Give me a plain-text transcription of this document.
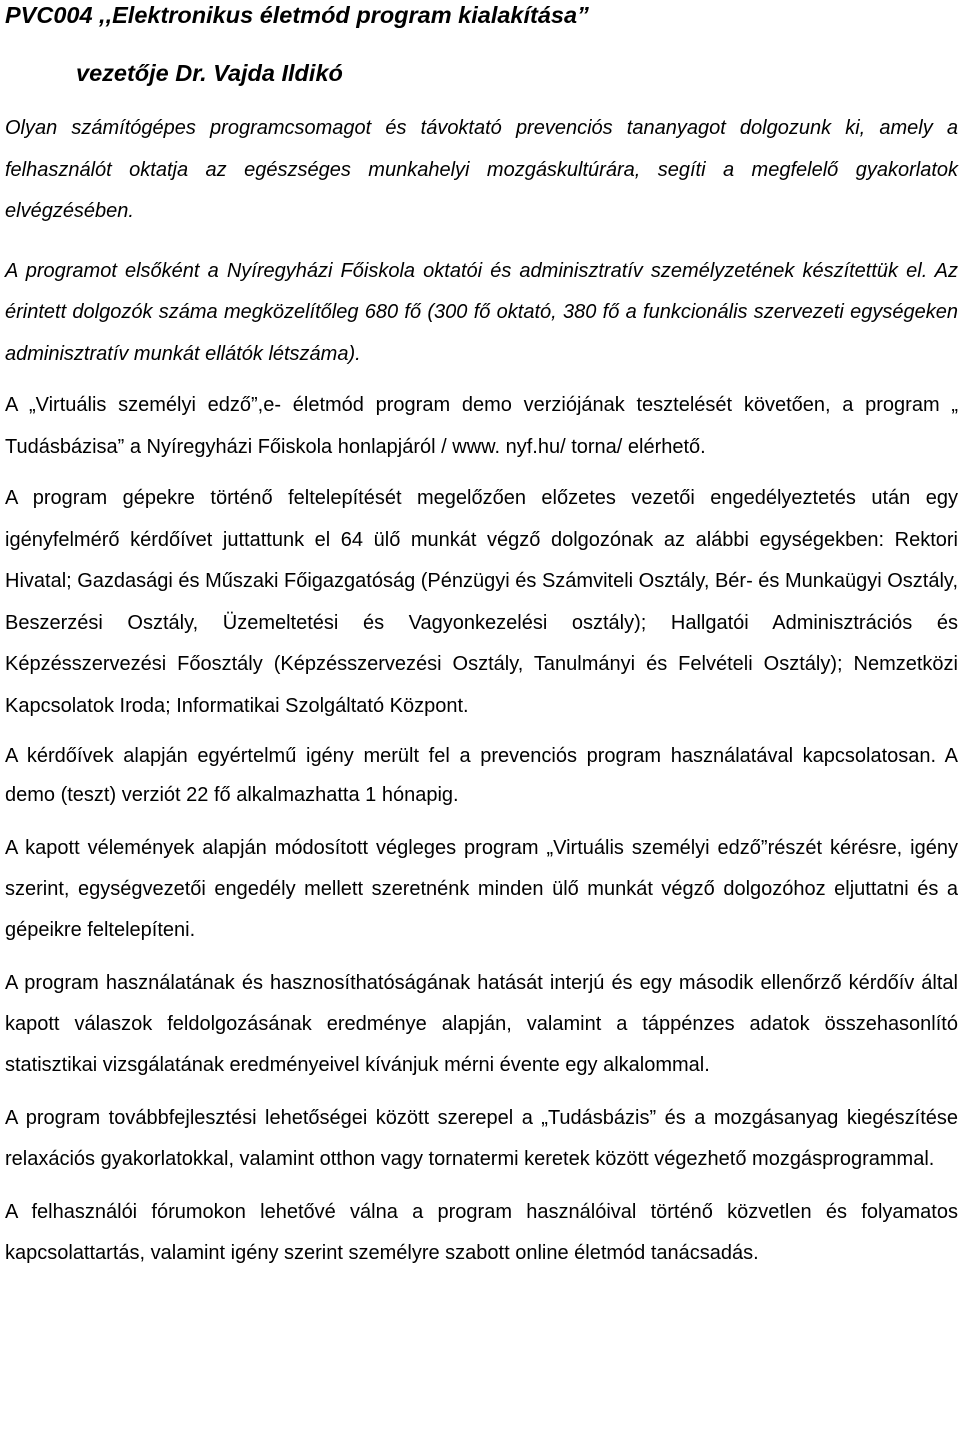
PVC004 ,,Elektronikus életmód program kialakítása”
vezetője Dr. Vajda Ildikó

Olyan számítógépes programcsomagot és távoktató prevenciós tananyagot dolgozunk ki, amely a felhasználót oktatja az egészséges munkahelyi mozgáskultúrára, segíti a megfelelő gyakorlatok elvégzésében.

A programot elsőként a Nyíregyházi Főiskola oktatói és adminisztratív személyzetének készítettük el. Az érintett dolgozók száma megközelítőleg 680 fő (300 fő oktató, 380 fő a funkcionális szervezeti egységeken adminisztratív munkát ellátók létszáma).

A „Virtuális személyi edző”,e- életmód program demo verziójának tesztelését követően, a program „ Tudásbázisa” a Nyíregyházi Főiskola honlapjáról / www. nyf.hu/ torna/ elérhető.

A program gépekre történő feltelepítését megelőzően előzetes vezetői engedélyeztetés után egy igényfelmérő kérdőívet juttattunk el 64 ülő munkát végző dolgozónak az alábbi egységekben: Rektori Hivatal; Gazdasági és Műszaki Főigazgatóság (Pénzügyi és Számviteli Osztály, Bér- és Munkaügyi Osztály, Beszerzési Osztály, Üzemeltetési és Vagyonkezelési osztály); Hallgatói Adminisztrációs és Képzésszervezési Főosztály (Képzésszervezési Osztály, Tanulmányi és Felvételi Osztály); Nemzetközi Kapcsolatok Iroda; Informatikai Szolgáltató Központ.

A kérdőívek alapján egyértelmű igény merült fel a prevenciós program használatával kapcsolatosan. A demo (teszt) verziót 22 fő alkalmazhatta 1 hónapig.

A kapott vélemények alapján módosított végleges program „Virtuális személyi edző”részét kérésre, igény szerint, egységvezetői engedély mellett szeretnénk minden ülő munkát végző dolgozóhoz eljuttatni és a gépeikre feltelepíteni.

A program használatának és hasznosíthatóságának hatását interjú és egy második ellenőrző kérdőív által kapott válaszok feldolgozásának eredménye alapján, valamint a táppénzes adatok összehasonlító statisztikai vizsgálatának eredményeivel kívánjuk mérni évente egy alkalommal.

A program továbbfejlesztési lehetőségei között szerepel a „Tudásbázis” és a mozgásanyag kiegészítése relaxációs gyakorlatokkal, valamint otthon vagy tornatermi keretek között végezhető mozgásprogrammal.

A felhasználói fórumokon lehetővé válna a program használóival történő közvetlen és folyamatos kapcsolattartás, valamint igény szerint személyre szabott online életmód tanácsadás.
